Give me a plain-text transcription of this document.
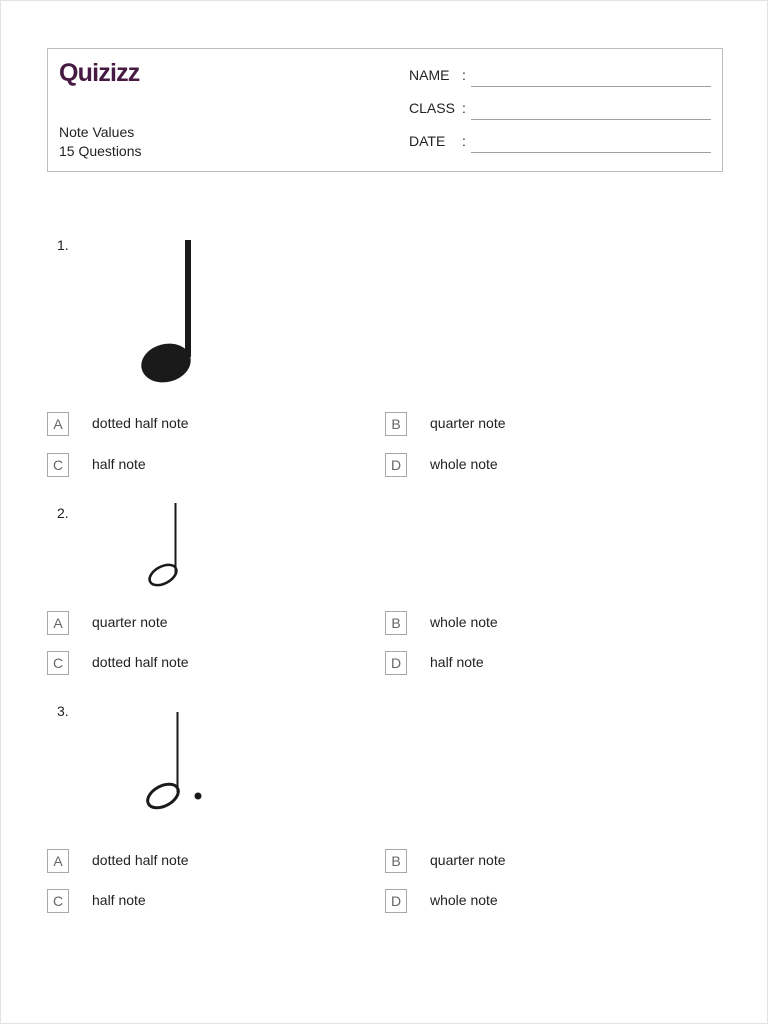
Quizizz
Note Values
15 Questions
NAME :
CLASS :
DATE	:
1.
A	dotted half note	B	quarter note
C	half note	D	whole note
2.
A	quarter note	B	whole note
C	dotted half note	D	half note
3.
A	dotted half note	B	quarter note
C	half note	D	whole note
